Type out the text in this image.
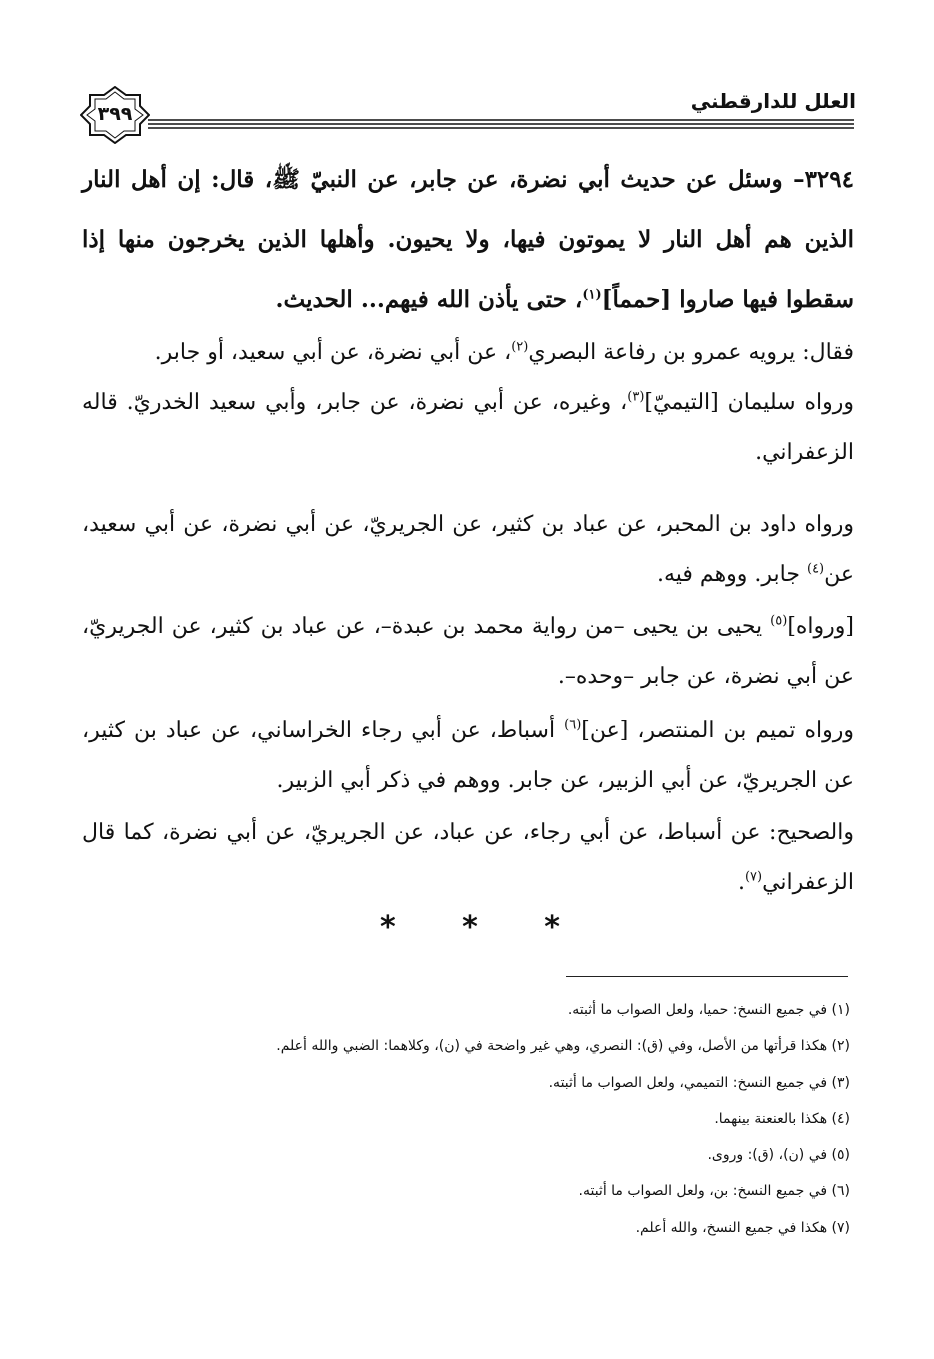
العلل للدارقطني
٣٩٩

٣٢٩٤– وسئل عن حديث أبي نضرة، عن جابر، عن النبيّ ﷺ، قال: إن أهل النار الذين هم أهل النار لا يموتون فيها، ولا يحيون. وأهلها الذين يخرجون منها إذا سقطوا فيها صاروا [حمماً]$^{(١)}$، حتى يأذن الله فيهم... الحديث.

فقال: يرويه عمرو بن رفاعة البصري$^{(٢)}$، عن أبي نضرة، عن أبي سعيد، أو جابر.
ورواه سليمان [التيميّ]$^{(٣)}$، وغيره، عن أبي نضرة، عن جابر، وأبي سعيد الخدريّ. قاله الزعفراني.

ورواه داود بن المحبر، عن عباد بن كثير، عن الجريريّ، عن أبي نضرة، عن أبي سعيد، عن$^{(٤)}$ جابر. ووهم فيه.

[ورواه]$^{(٥)}$ يحيى بن يحيى –من رواية محمد بن عبدة–، عن عباد بن كثير، عن الجريريّ، عن أبي نضرة، عن جابر –وحده–.

ورواه تميم بن المنتصر، [عن]$^{(٦)}$ أسباط، عن أبي رجاء الخراساني، عن عباد بن كثير، عن الجريريّ، عن أبي الزبير، عن جابر. ووهم في ذكر أبي الزبير.

والصحيح: عن أسباط، عن أبي رجاء، عن عباد، عن الجريريّ، عن أبي نضرة، كما قال الزعفراني$^{(٧)}$.

* * *
(١) في جميع النسخ: حميا، ولعل الصواب ما أثبته.
(٢) هكذا قرأتها من الأصل، وفي (ق): النصري، وهي غير واضحة في (ن)، وكلاهما: الضبي والله أعلم.
(٣) في جميع النسخ: التميمي، ولعل الصواب ما أثبته.
(٤) هكذا بالعنعنة بينهما.
(٥) في (ن)، (ق): وروى.
(٦) في جميع النسخ: بن، ولعل الصواب ما أثبته.
(٧) هكذا في جميع النسخ، والله أعلم.
